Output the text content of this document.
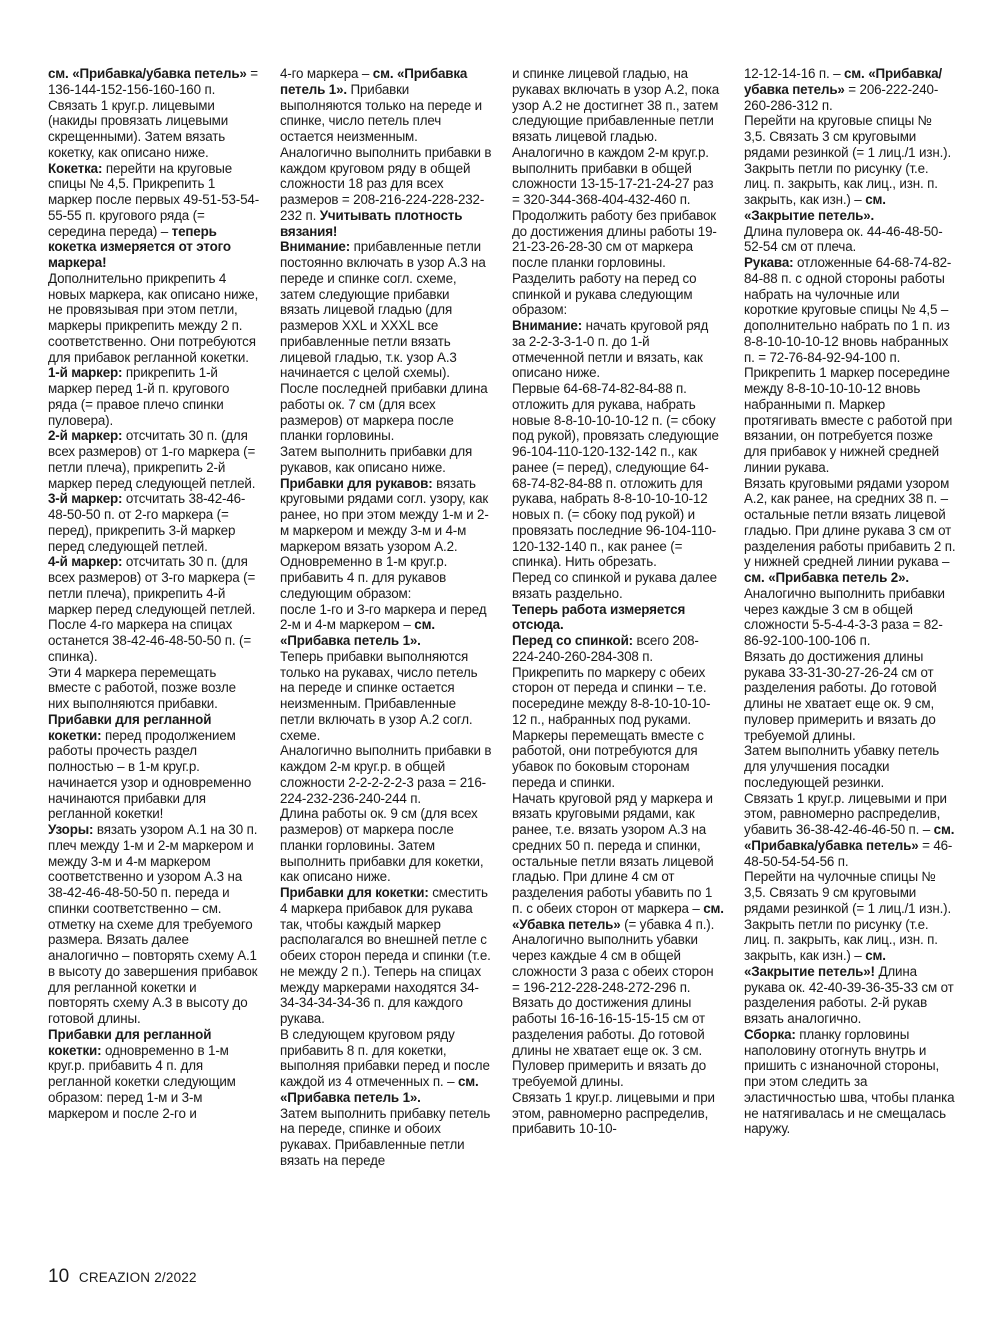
см. «Прибавка/убавка петель» = 136-144-152-156-160-160 п. Связать 1 круг.р. лицевыми (накиды провязать лицевыми скрещенными). Затем вязать кокетку, как описано ниже.

Кокетка: перейти на круговые спицы № 4,5. Прикрепить 1 маркер после первых 49-51-53-54-55-55 п. кругового ряда (= середина переда) – теперь кокетка измеряется от этого маркера!

Дополнительно прикрепить 4 новых маркера, как описано ниже, не провязывая при этом петли, маркеры прикрепить между 2 п. соответственно. Они потребуются для прибавок регланной кокетки.

1-й маркер: прикрепить 1-й маркер перед 1-й п. кругового ряда (= правое плечо спинки пуловера).

2-й маркер: отсчитать 30 п. (для всех размеров) от 1-го маркера (= петли плеча), прикрепить 2-й маркер перед следующей петлей.

3-й маркер: отсчитать 38-42-46-48-50-50 п. от 2-го маркера (= перед), прикрепить 3-й маркер перед следующей петлей.

4-й маркер: отсчитать 30 п. (для всех размеров) от 3-го маркера (= петли плеча), прикрепить 4-й маркер перед следующей петлей.

После 4-го маркера на спицах останется 38-42-46-48-50-50 п. (= спинка).

Эти 4 маркера перемещать вместе с работой, позже возле них выполняются прибавки.

Прибавки для регланной кокетки: перед продолжением работы прочесть раздел полностью – в 1-м круг.р. начинается узор и одновременно начинаются прибавки для регланной кокетки!

Узоры: вязать узором А.1 на 30 п. плеч между 1-м и 2-м маркером и между 3-м и 4-м маркером соответственно и узором А.3 на 38-42-46-48-50-50 п. переда и спинки соответственно – см. отметку на схеме для требуемого размера. Вязать далее аналогично – повторять схему А.1 в высоту до завершения прибавок для регланной кокетки и повторять схему А.3 в высоту до готовой длины.

Прибавки для регланной кокетки: одновременно в 1-м круг.р. прибавить 4 п. для регланной кокетки следующим образом: перед 1-м и 3-м маркером и после 2-го и

4-го маркера – см. «Прибавка петель 1». Прибавки выполняются только на переде и спинке, число петель плеч остается неизменным. Аналогично выполнить прибавки в каждом круговом ряду в общей сложности 18 раз для всех размеров = 208-216-224-228-232-232 п. Учитывать плотность вязания!

Внимание: прибавленные петли постоянно включать в узор А.3 на переде и спинке согл. схеме, затем следующие прибавки вязать лицевой гладью (для размеров XXL и XXXL все прибавленные петли вязать лицевой гладью, т.к. узор А.3 начинается с целой схемы).

После последней прибавки длина работы ок. 7 см (для всех размеров) от маркера после планки горловины.

Затем выполнить прибавки для рукавов, как описано ниже.

Прибавки для рукавов: вязать круговыми рядами согл. узору, как ранее, но при этом между 1-м и 2-м маркером и между 3-м и 4-м маркером вязать узором А.2.

Одновременно в 1-м круг.р. прибавить 4 п. для рукавов следующим образом:

после 1-го и 3-го маркера и перед 2-м и 4-м маркером – см. «Прибавка петель 1».

Теперь прибавки выполняются только на рукавах, число петель на переде и спинке остается неизменным. Прибавленные петли включать в узор А.2 согл. схеме.

Аналогично выполнить прибавки в каждом 2-м круг.р. в общей сложности 2-2-2-2-2-3 раза = 216-224-232-236-240-244 п.

Длина работы ок. 9 см (для всех размеров) от маркера после планки горловины. Затем выполнить прибавки для кокетки, как описано ниже.

Прибавки для кокетки: сместить 4 маркера прибавок для рукава так, чтобы каждый маркер располагался во внешней петле с обеих сторон переда и спинки (т.е. не между 2 п.). Теперь на спицах между маркерами находятся 34-34-34-34-34-36 п. для каждого рукава.

В следующем круговом ряду прибавить 8 п. для кокетки, выполняя прибавки перед и после каждой из 4 отмеченных п. – см. «Прибавка петель 1».

Затем выполнить прибавку петель на переде, спинке и обоих рукавах. Прибавленные петли вязать на переде

и спинке лицевой гладью, на рукавах включать в узор А.2, пока узор А.2 не достигнет 38 п., затем следующие прибавленные петли вязать лицевой гладью.

Аналогично в каждом 2-м круг.р. выполнить прибавки в общей сложности 13-15-17-21-24-27 раз = 320-344-368-404-432-460 п. Продолжить работу без прибавок до достижения длины работы 19-21-23-26-28-30 см от маркера после планки горловины.

Разделить работу на перед со спинкой и рукава следующим образом:

Внимание: начать круговой ряд за 2-2-3-3-1-0 п. до 1-й отмеченной петли и вязать, как описано ниже.

Первые 64-68-74-82-84-88 п. отложить для рукава, набрать новые 8-8-10-10-10-12 п. (= сбоку под рукой), провязать следующие 96-104-110-120-132-142 п., как ранее (= перед), следующие 64-68-74-82-84-88 п. отложить для рукава, набрать 8-8-10-10-10-12 новых п. (= сбоку под рукой) и провязать последние 96-104-110-120-132-140 п., как ранее (= спинка). Нить обрезать.

Перед со спинкой и рукава далее вязать раздельно.

Теперь работа измеряется отсюда.

Перед со спинкой: всего 208-224-240-260-284-308 п. Прикрепить по маркеру с обеих сторон от переда и спинки – т.е. посередине между 8-8-10-10-10-12 п., набранных под руками. Маркеры перемещать вместе с работой, они потребуются для убавок по боковым сторонам переда и спинки.

Начать круговой ряд у маркера и вязать круговыми рядами, как ранее, т.е. вязать узором А.3 на средних 50 п. переда и спинки, остальные петли вязать лицевой гладью. При длине 4 см от разделения работы убавить по 1 п. с обеих сторон от маркера – см. «Убавка петель» (= убавка 4 п.). Аналогично выполнить убавки через каждые 4 см в общей сложности 3 раза с обеих сторон = 196-212-228-248-272-296 п.

Вязать до достижения длины работы 16-16-16-15-15-15 см от разделения работы. До готовой длины не хватает еще ок. 3 см. Пуловер примерить и вязать до требуемой длины.

Связать 1 круг.р. лицевыми и при этом, равномерно распределив, прибавить 10-10-

12-12-14-16 п. – см. «Прибавка/убавка петель» = 206-222-240-260-286-312 п.

Перейти на круговые спицы № 3,5. Связать 3 см круговыми рядами резинкой (= 1 лиц./1 изн.). Закрыть петли по рисунку (т.е. лиц. п. закрыть, как лиц., изн. п. закрыть, как изн.) – см. «Закрытие петель».

Длина пуловера ок. 44-46-48-50-52-54 см от плеча.

Рукава: отложенные 64-68-74-82-84-88 п. с одной стороны работы набрать на чулочные или короткие круговые спицы № 4,5 – дополнительно набрать по 1 п. из 8-8-10-10-10-12 вновь набранных п. = 72-76-84-92-94-100 п.

Прикрепить 1 маркер посередине между 8-8-10-10-10-12 вновь набранными п. Маркер протягивать вместе с работой при вязании, он потребуется позже для прибавок у нижней средней линии рукава.

Вязать круговыми рядами узором А.2, как ранее, на средних 38 п. – остальные петли вязать лицевой гладью. При длине рукава 3 см от разделения работы прибавить 2 п. у нижней средней линии рукава – см. «Прибавка петель 2». Аналогично выполнить прибавки через каждые 3 см в общей сложности 5-5-4-4-3-3 раза = 82-86-92-100-100-106 п.

Вязать до достижения длины рукава 33-31-30-27-26-24 см от разделения работы. До готовой длины не хватает еще ок. 9 см, пуловер примерить и вязать до требуемой длины.

Затем выполнить убавку петель для улучшения посадки последующей резинки.

Связать 1 круг.р. лицевыми и при этом, равномерно распределив, убавить 36-38-42-46-46-50 п. – см. «Прибавка/убавка петель» = 46-48-50-54-54-56 п.

Перейти на чулочные спицы № 3,5. Связать 9 см круговыми рядами резинкой (= 1 лиц./1 изн.). Закрыть петли по рисунку (т.е. лиц. п. закрыть, как лиц., изн. п. закрыть, как изн.) – см. «Закрытие петель»! Длина рукава ок. 42-40-39-36-35-33 см от разделения работы. 2-й рукав вязать аналогично.

Сборка: планку горловины наполовину отогнуть внутрь и пришить с изнаночной стороны, при этом следить за эластичностью шва, чтобы планка не натягивалась и не смещалась наружу.

10 CREAZION 2/2022
